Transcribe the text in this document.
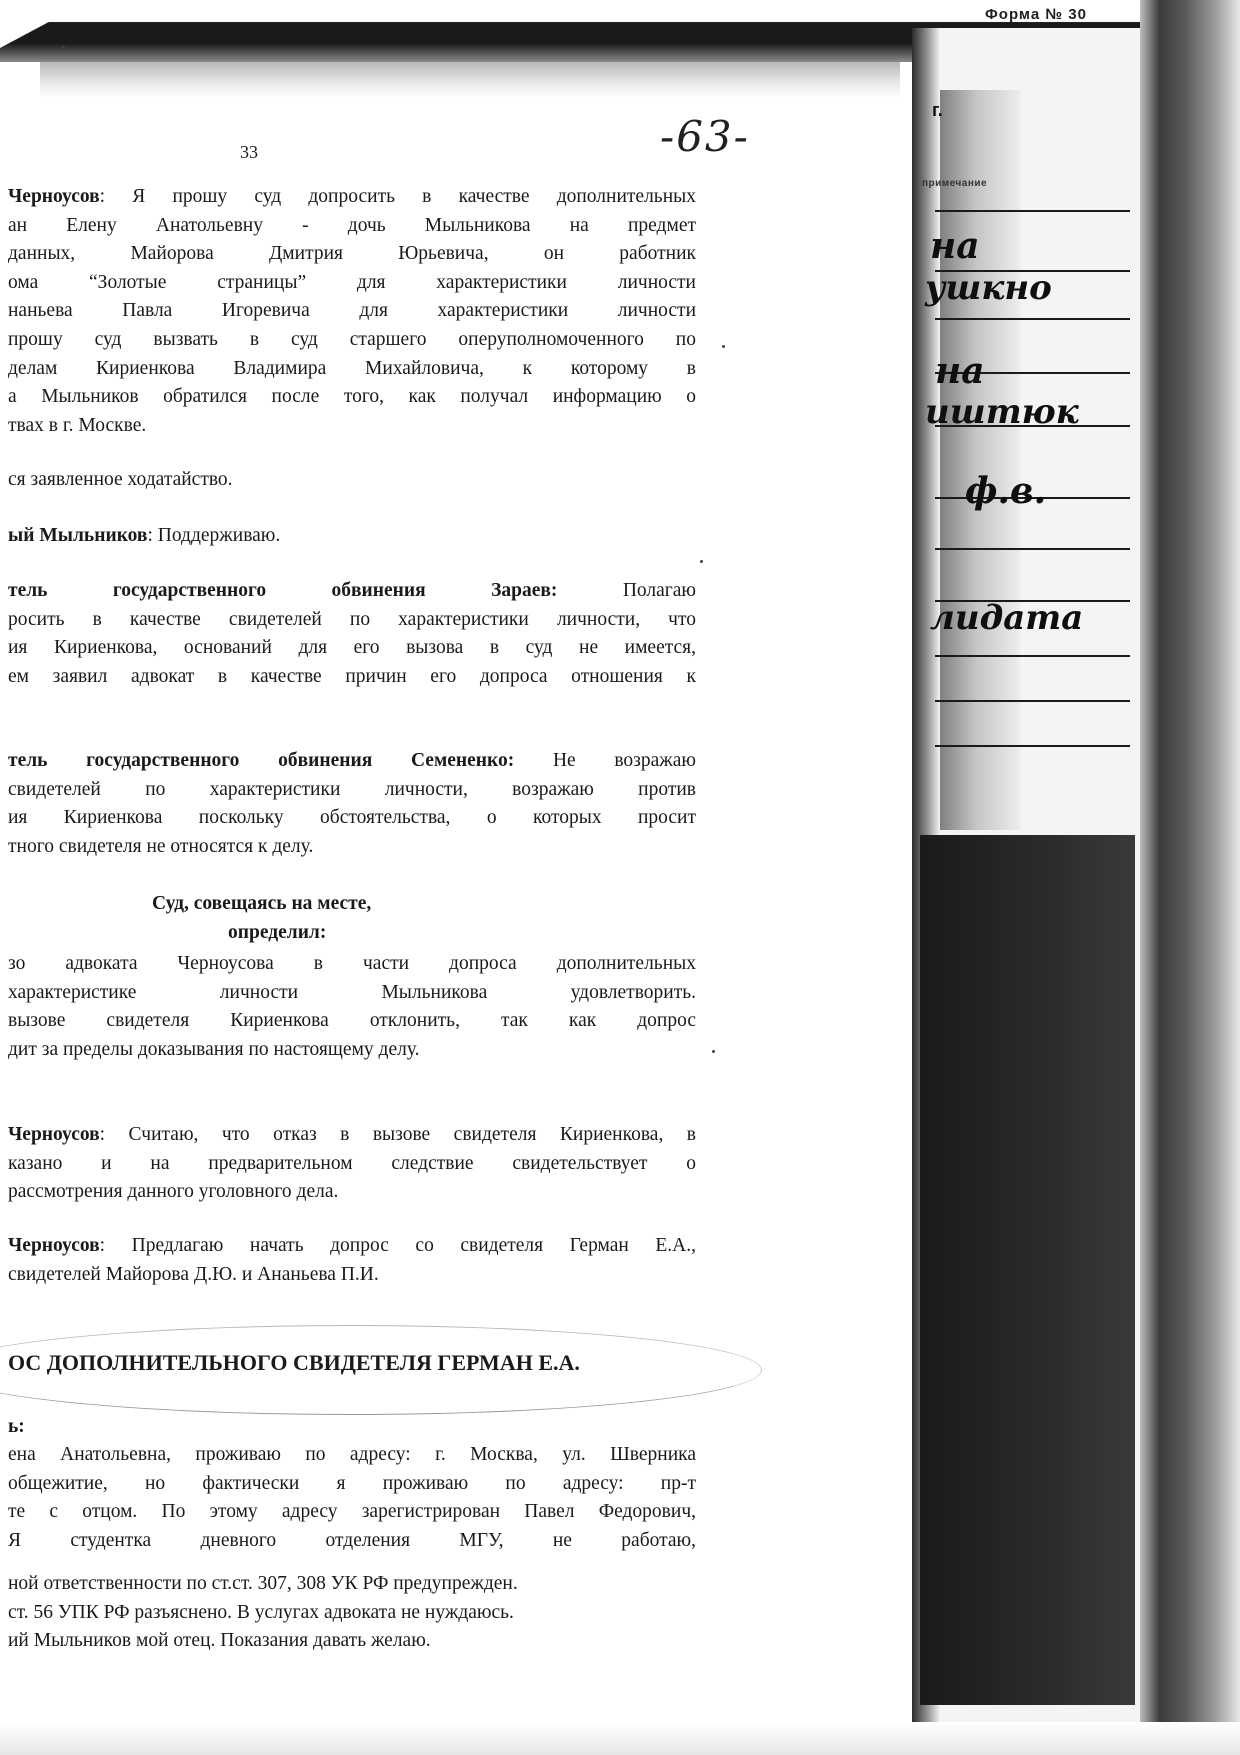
Форма № 30
г.
примечание
на
ушкно
на
иштюк
ф.в.
лидата
33	-63-

Черноусов: Я прошу суд допросить в качестве дополнительных

ан Елену Анатольевну - дочь Мыльникова на предмет

данных, Майорова Дмитрия Юрьевича, он работник

ома “Золотые страницы” для характеристики личности

наньева Павла Игоревича для характеристики личности

прошу суд вызвать в суд старшего оперуполномоченного по

делам Кириенкова Владимира Михайловича, к которому в

а Мыльников обратился после того, как получал информацию о

твах в г. Москве.

ся заявленное ходатайство.

ый Мыльников: Поддерживаю.

тель государственного обвинения Зараев:	Полагаю

росить в качестве свидетелей по характеристики личности, что

ия Кириенкова, оснований для его вызова в суд не имеется,

ем заявил адвокат в качестве причин его допроса отношения к

тель государственного обвинения Семененко: Не возражаю

свидетелей по характеристики личности, возражаю против

ия Кириенкова поскольку обстоятельства, о которых просит

тного свидетеля не относятся к делу.

Суд, совещаясь на месте,
определил:

зо адвоката Черноусова в части допроса дополнительных

характеристике личности Мыльникова удовлетворить.

вызове свидетеля Кириенкова отклонить, так как допрос

дит за пределы доказывания по настоящему делу.

Черноусов: Считаю, что отказ в вызове свидетеля Кириенкова, в

казано и на предварительном следствие свидетельствует о

рассмотрения данного уголовного дела.

Черноусов: Предлагаю начать допрос со свидетеля Герман Е.А.,

свидетелей Майорова Д.Ю. и Ананьева П.И.

ОС ДОПОЛНИТЕЛЬНОГО СВИДЕТЕЛЯ ГЕРМАН Е.А.

ь:

ена Анатольевна, проживаю по адресу: г. Москва, ул. Шверника

общежитие, но фактически я проживаю по адресу: пр-т

те с отцом. По этому адресу зарегистрирован Павел Федорович,

Я студентка дневного отделения МГУ, не работаю,

ной ответственности по ст.ст. 307, 308 УК РФ предупрежден.

ст. 56 УПК РФ разъяснено. В услугах адвоката не нуждаюсь.

ий Мыльников мой отец. Показания давать желаю.
